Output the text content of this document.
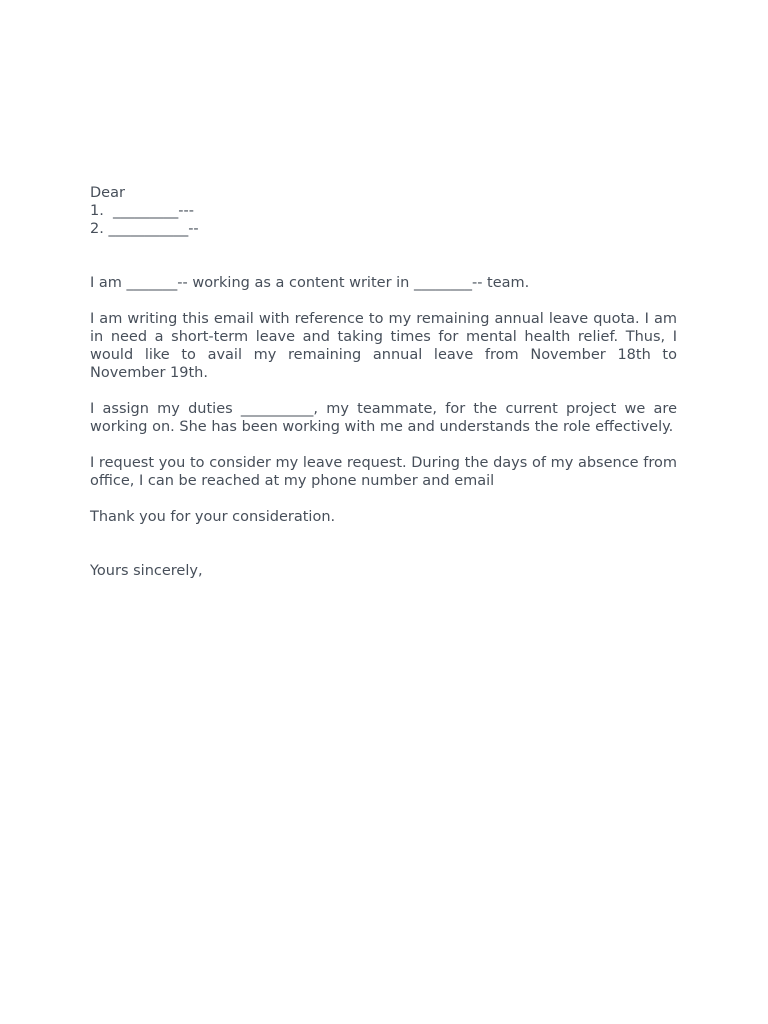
Dear
1.  _________---
2. ___________--

I am _______-- working as a content writer in ________-- team.

I am writing this email with reference to my remaining annual leave quota. I am in need a short-term leave and taking times for mental health relief. Thus, I would like to avail my remaining annual leave from November 18th to November 19th.

I assign my duties __________, my teammate, for the current project we are working on. She has been working with me and understands the role effectively.

I request you to consider my leave request. During the days of my absence from office, I can be reached at my phone number and email

Thank you for your consideration.

Yours sincerely,
